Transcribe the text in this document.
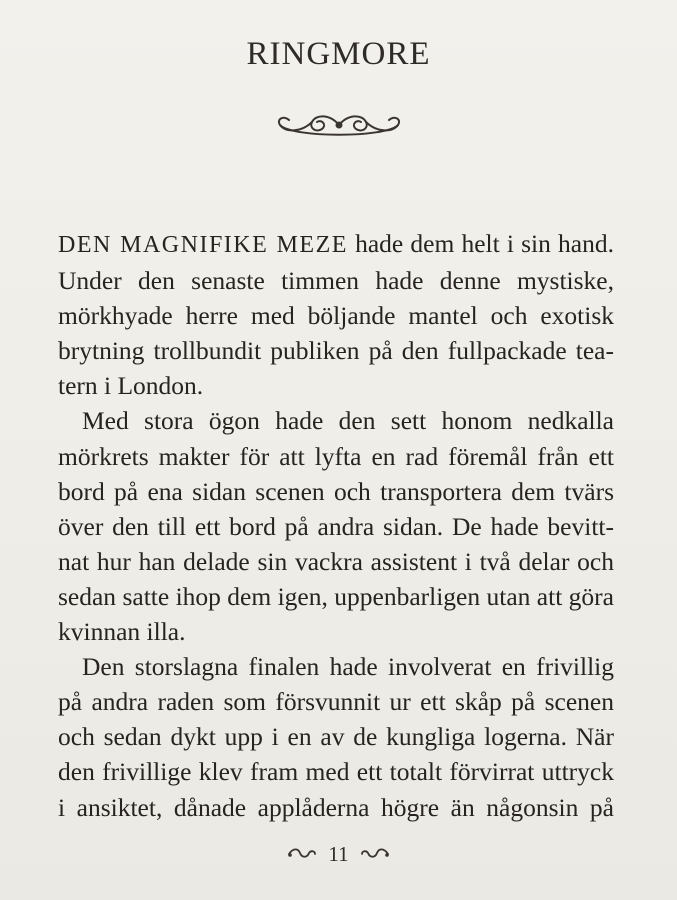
RINGMORE
DEN MAGNIFIKE MEZE hade dem helt i sin hand.
Under den senaste timmen hade denne mystiske,
mörkhyade herre med böljande mantel och exotisk
brytning trollbundit publiken på den fullpackade tea-
tern i London.
Med stora ögon hade den sett honom nedkalla
mörkrets makter för att lyfta en rad föremål från ett
bord på ena sidan scenen och transportera dem tvärs
över den till ett bord på andra sidan. De hade bevitt-
nat hur han delade sin vackra assistent i två delar och
sedan satte ihop dem igen, uppenbarligen utan att göra
kvinnan illa.
Den storslagna finalen hade involverat en frivillig
på andra raden som försvunnit ur ett skåp på scenen
och sedan dykt upp i en av de kungliga logerna. När
den frivillige klev fram med ett totalt förvirrat uttryck
i ansiktet, dånade applåderna högre än någonsin på
11
